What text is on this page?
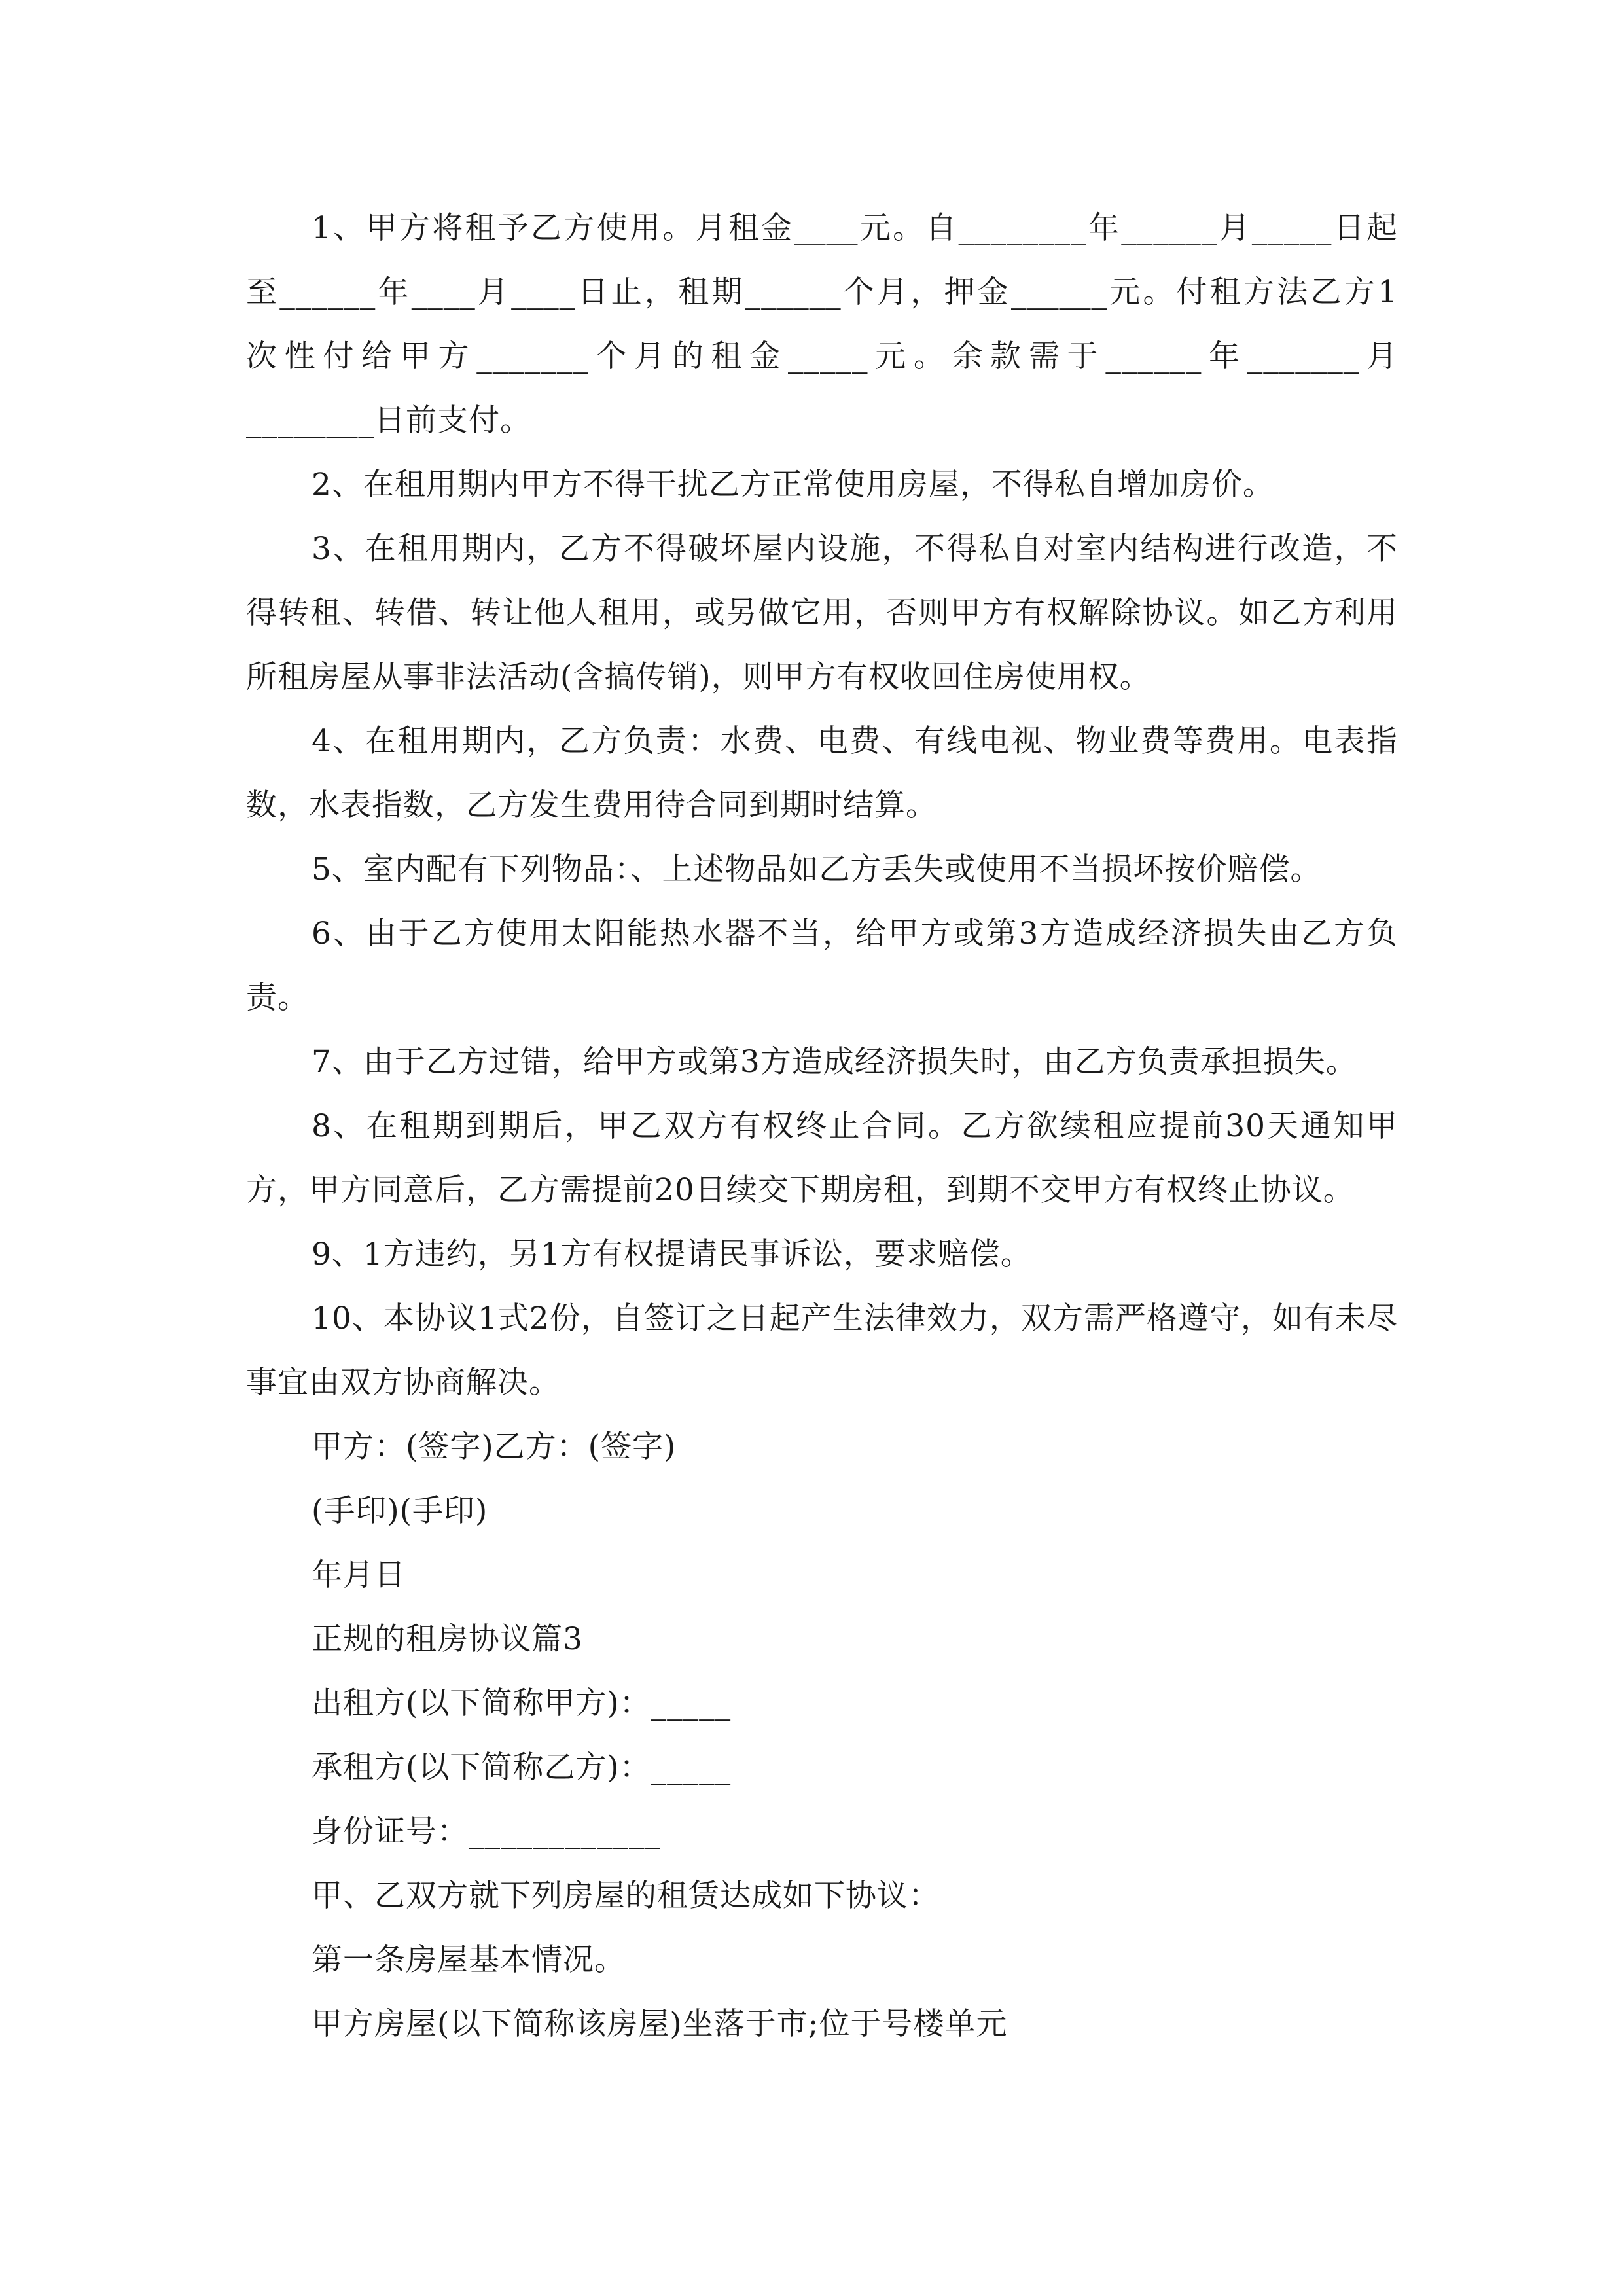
1、甲方将租予乙方使用。月租金____元。自________年______月_____日起

至______年____月____日止，租期______个月，押金______元。付租方法乙方1

次性付给甲方_______个月的租金_____元。余款需于______年_______月

________日前支付。

2、在租用期内甲方不得干扰乙方正常使用房屋，不得私自增加房价。

3、在租用期内，乙方不得破坏屋内设施，不得私自对室内结构进行改造，不得转租、转借、转让他人租用，或另做它用，否则甲方有权解除协议。如乙方利用所租房屋从事非法活动(含搞传销)，则甲方有权收回住房使用权。

4、在租用期内，乙方负责：水费、电费、有线电视、物业费等费用。电表指数，水表指数，乙方发生费用待合同到期时结算。

5、室内配有下列物品：、上述物品如乙方丢失或使用不当损坏按价赔偿。

6、由于乙方使用太阳能热水器不当，给甲方或第3方造成经济损失由乙方负责。

7、由于乙方过错，给甲方或第3方造成经济损失时，由乙方负责承担损失。

8、在租期到期后，甲乙双方有权终止合同。乙方欲续租应提前30天通知甲方，甲方同意后，乙方需提前20日续交下期房租，到期不交甲方有权终止协议。

9、1方违约，另1方有权提请民事诉讼，要求赔偿。

10、本协议1式2份，自签订之日起产生法律效力，双方需严格遵守，如有未尽事宜由双方协商解决。

甲方：(签字)乙方：(签字)

(手印)(手印)

年月日

正规的租房协议篇3

出租方(以下简称甲方)：_____

承租方(以下简称乙方)：_____

身份证号：____________

甲、乙双方就下列房屋的租赁达成如下协议：

第一条房屋基本情况。

甲方房屋(以下简称该房屋)坐落于市;位于号楼单元
